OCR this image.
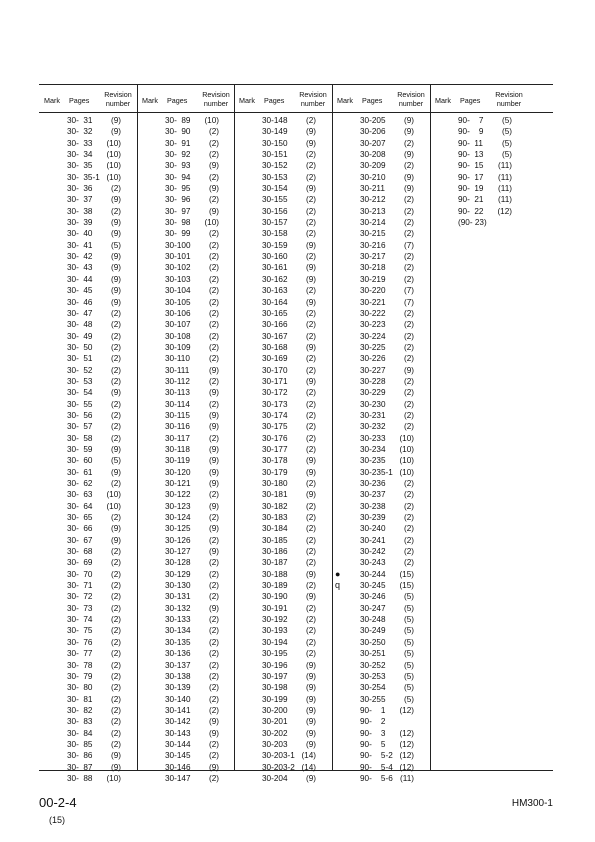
Mark Pages
Revision number
30-  31 (9)
30-  32 (9)
30-  33 (10)
30-  34 (10)
30-  35 (10)
30-  35-1 (10)
30-  36 (2)
30-  37 (9)
30-  38 (2)
30-  39 (9)
30-  40 (9)
30-  41 (5)
30-  42 (9)
30-  43 (9)
30-  44 (9)
30-  45 (9)
30-  46 (9)
30-  47 (2)
30-  48 (2)
30-  49 (2)
30-  50 (2)
30-  51 (2)
30-  52 (2)
30-  53 (2)
30-  54 (9)
30-  55 (2)
30-  56 (2)
30-  57 (2)
30-  58 (2)
30-  59 (9)
30-  60 (5)
30-  61 (9)
30-  62 (2)
30-  63 (10)
30-  64 (10)
30-  65 (2)
30-  66 (9)
30-  67 (9)
30-  68 (2)
30-  69 (2)
30-  70 (2)
30-  71 (2)
30-  72 (2)
30-  73 (2)
30-  74 (2)
30-  75 (2)
30-  76 (2)
30-  77 (2)
30-  78 (2)
30-  79 (2)
30-  80 (2)
30-  81 (2)
30-  82 (2)
30-  83 (2)
30-  84 (2)
30-  85 (2)
30-  86 (9)
30-  87 (9)
30-  88 (10)
Mark Pages
Revision number
30-  89 (10)
30-  90 (2)
30-  91 (2)
30-  92 (2)
30-  93 (9)
30-  94 (2)
30-  95 (9)
30-  96 (2)
30-  97 (9)
30-  98 (10)
30-  99 (2)
30-100 (2)
30-101 (2)
30-102 (2)
30-103 (2)
30-104 (2)
30-105 (2)
30-106 (2)
30-107 (2)
30-108 (2)
30-109 (2)
30-110 (2)
30-111 (9)
30-112 (2)
30-113 (9)
30-114 (2)
30-115 (9)
30-116 (9)
30-117 (2)
30-118 (9)
30-119 (9)
30-120 (9)
30-121 (9)
30-122 (2)
30-123 (9)
30-124 (2)
30-125 (9)
30-126 (2)
30-127 (9)
30-128 (2)
30-129 (2)
30-130 (2)
30-131 (2)
30-132 (9)
30-133 (2)
30-134 (2)
30-135 (2)
30-136 (2)
30-137 (2)
30-138 (2)
30-139 (2)
30-140 (2)
30-141 (2)
30-142 (9)
30-143 (9)
30-144 (2)
30-145 (2)
30-146 (9)
30-147 (2)
Mark Pages
Revision number
30-148 (2)
30-149 (9)
30-150 (9)
30-151 (2)
30-152 (2)
30-153 (2)
30-154 (9)
30-155 (2)
30-156 (2)
30-157 (2)
30-158 (2)
30-159 (9)
30-160 (2)
30-161 (9)
30-162 (9)
30-163 (2)
30-164 (9)
30-165 (2)
30-166 (2)
30-167 (2)
30-168 (9)
30-169 (2)
30-170 (2)
30-171 (9)
30-172 (2)
30-173 (2)
30-174 (2)
30-175 (2)
30-176 (2)
30-177 (2)
30-178 (9)
30-179 (9)
30-180 (2)
30-181 (9)
30-182 (2)
30-183 (2)
30-184 (2)
30-185 (2)
30-186 (2)
30-187 (2)
30-188 (9)
30-189 (2)
30-190 (9)
30-191 (2)
30-192 (2)
30-193 (2)
30-194 (2)
30-195 (2)
30-196 (9)
30-197 (9)
30-198 (9)
30-199 (9)
30-200 (9)
30-201 (9)
30-202 (9)
30-203 (9)
30-203-1 (14)
30-203-2 (14)
30-204 (9)
Mark Pages
Revision number
30-205 (9)
30-206 (9)
30-207 (2)
30-208 (9)
30-209 (2)
30-210 (9)
30-211 (9)
30-212 (2)
30-213 (2)
30-214 (2)
30-215 (2)
30-216 (7)
30-217 (2)
30-218 (2)
30-219 (2)
30-220 (7)
30-221 (7)
30-222 (2)
30-223 (2)
30-224 (2)
30-225 (2)
30-226 (2)
30-227 (9)
30-228 (2)
30-229 (2)
30-230 (2)
30-231 (2)
30-232 (2)
30-233 (10)
30-234 (10)
30-235 (10)
30-235-1 (10)
30-236 (2)
30-237 (2)
30-238 (2)
30-239 (2)
30-240 (2)
30-241 (2)
30-242 (2)
30-243 (2)
● 30-244 (15)
q 30-245 (15)
30-246 (5)
30-247 (5)
30-248 (5)
30-249 (5)
30-250 (5)
30-251 (5)
30-252 (5)
30-253 (5)
30-254 (5)
30-255 (5)
90-    1 (12)
90-    2
90-    3 (12)
90-    5 (12)
90-    5-2 (12)
90-    5-4 (12)
90-    5-6 (11)
Mark Pages
Revision number
90-    7 (5)
90-    9 (5)
90-  11 (5)
90-  13 (5)
90-  15 (11)
90-  17 (11)
90-  19 (11)
90-  21 (11)
90-  22 (12)
(90- 23)
00-2-4
(15)
HM300-1
